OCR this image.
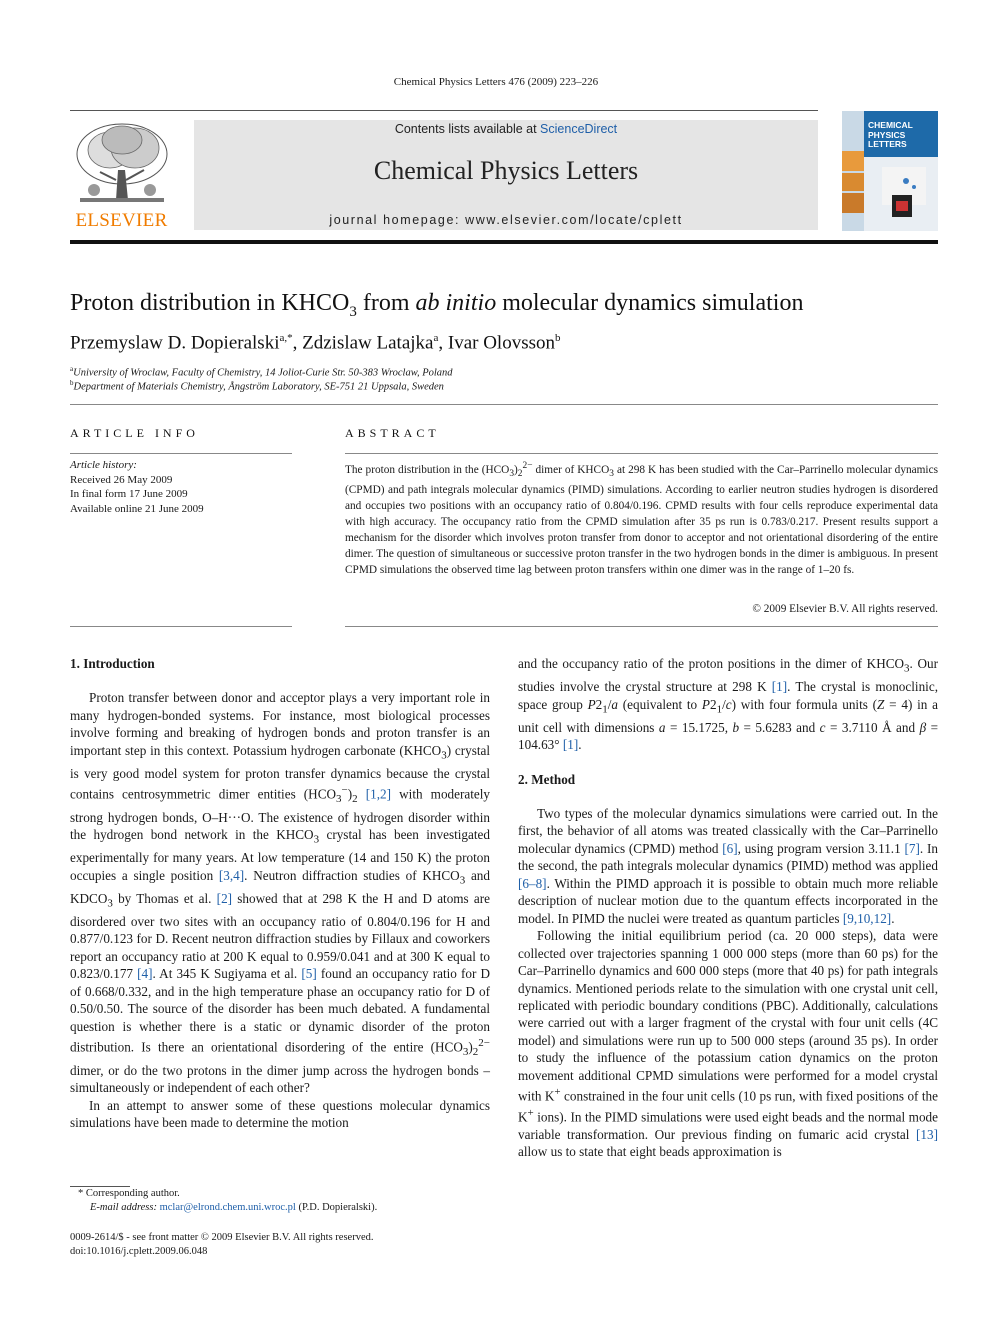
Chemical Physics Letters 476 (2009) 223–226
ELSEVIER
Contents lists available at ScienceDirect
Chemical Physics Letters
journal homepage: www.elsevier.com/locate/cplett
CHEMICAL
PHYSICS
LETTERS
Proton distribution in $KHCO_3$ from ab initio molecular dynamics simulation
Przemyslaw D. Dopieralski$^{a,*}$, Zdzislaw Latajka$^a$, Ivar Olovsson$^b$
$^a$University of Wroclaw, Faculty of Chemistry, 14 Joliot-Curie Str. 50-383 Wroclaw, Poland
$^b$Department of Materials Chemistry, Ångström Laboratory, SE-751 21 Uppsala, Sweden
ARTICLE INFO	ABSTRACT
Article history:
Received 26 May 2009
In final form 17 June 2009
Available online 21 June 2009
The proton distribution in the $(HCO_3)_2^{2-}$ dimer of $KHCO_3$ at 298 K has been studied with the Car–Parrinello molecular dynamics (CPMD) and path integrals molecular dynamics (PIMD) simulations. According to earlier neutron studies hydrogen is disordered and occupies two positions with an occupancy ratio of 0.804/0.196. CPMD results with four cells reproduce experimental data with high accuracy. The occupancy ratio from the CPMD simulation after 35 ps run is 0.783/0.217. Present results support a mechanism for the disorder which involves proton transfer from donor to acceptor and not orientational disordering of the entire dimer. The question of simultaneous or successive proton transfer in the two hydrogen bonds in the dimer is ambiguous. In present CPMD simulations the observed time lag between proton transfers within one dimer was in the range of 1–20 fs.
© 2009 Elsevier B.V. All rights reserved.
1. Introduction

Proton transfer between donor and acceptor plays a very important role in many hydrogen-bonded systems. For instance, most biological processes involve forming and breaking of hydrogen bonds and proton transfer is an important step in this context. Potassium hydrogen carbonate $(KHCO_3)$ crystal is very good model system for proton transfer dynamics because the crystal contains centrosymmetric dimer entities $(HCO_3^-)_2$ [1,2] with moderately strong hydrogen bonds, O–H···O. The existence of hydrogen disorder within the hydrogen bond network in the $KHCO_3$ crystal has been investigated experimentally for many years. At low temperature (14 and 150 K) the proton occupies a single position [3,4]. Neutron diffraction studies of $KHCO_3$ and $KDCO_3$ by Thomas et al. [2] showed that at 298 K the H and D atoms are disordered over two sites with an occupancy ratio of 0.804/0.196 for H and 0.877/0.123 for D. Recent neutron diffraction studies by Fillaux and coworkers report an occupancy ratio at 200 K equal to 0.959/0.041 and at 300 K equal to 0.823/0.177 [4]. At 345 K Sugiyama et al. [5] found an occupancy ratio for D of 0.668/0.332, and in the high temperature phase an occupancy ratio for D of 0.50/0.50. The source of the disorder has been much debated. A fundamental question is whether there is a static or dynamic disorder of the proton distribution. Is there an orientational disordering of the entire $(HCO_3)_2^{2-}$ dimer, or do the two protons in the dimer jump across the hydrogen bonds – simultaneously or independent of each other?

In an attempt to answer some of these questions molecular dynamics simulations have been made to determine the motion

and the occupancy ratio of the proton positions in the dimer of $KHCO_3$. Our studies involve the crystal structure at 298 K [1]. The crystal is monoclinic, space group $P2_1/a$ (equivalent to $P2_1/c$) with four formula units (Z = 4) in a unit cell with dimensions a = 15.1725, b = 5.6283 and c = 3.7110 Å and β = 104.63° [1].

2. Method

Two types of the molecular dynamics simulations were carried out. In the first, the behavior of all atoms was treated classically with the Car–Parrinello molecular dynamics (CPMD) method [6], using program version 3.11.1 [7]. In the second, the path integrals molecular dynamics (PIMD) method was applied [6–8]. Within the PIMD approach it is possible to obtain much more reliable description of nuclear motion due to the quantum effects incorporated in the model. In PIMD the nuclei were treated as quantum particles [9,10,12].

Following the initial equilibrium period (ca. 20 000 steps), data were collected over trajectories spanning 1 000 000 steps (more than 60 ps) for the Car–Parrinello dynamics and 600 000 steps (more that 40 ps) for path integrals dynamics. Mentioned periods relate to the simulation with one crystal unit cell, replicated with periodic boundary conditions (PBC). Additionally, calculations were carried out with a larger fragment of the crystal with four unit cells (4C model) and simulations were run up to 500 000 steps (around 35 ps). In order to study the influence of the potassium cation dynamics on the proton movement additional CPMD simulations were performed for a model crystal with K+ constrained in the four unit cells (10 ps run, with fixed positions of the K+ ions). In the PIMD simulations were used eight beads and the normal mode variable transformation. Our previous finding on fumaric acid crystal [13] allow us to state that eight beads approximation is

* Corresponding author.
E-mail address: mclar@elrond.chem.uni.wroc.pl (P.D. Dopieralski).
0009-2614/$ - see front matter © 2009 Elsevier B.V. All rights reserved.
doi:10.1016/j.cplett.2009.06.048
